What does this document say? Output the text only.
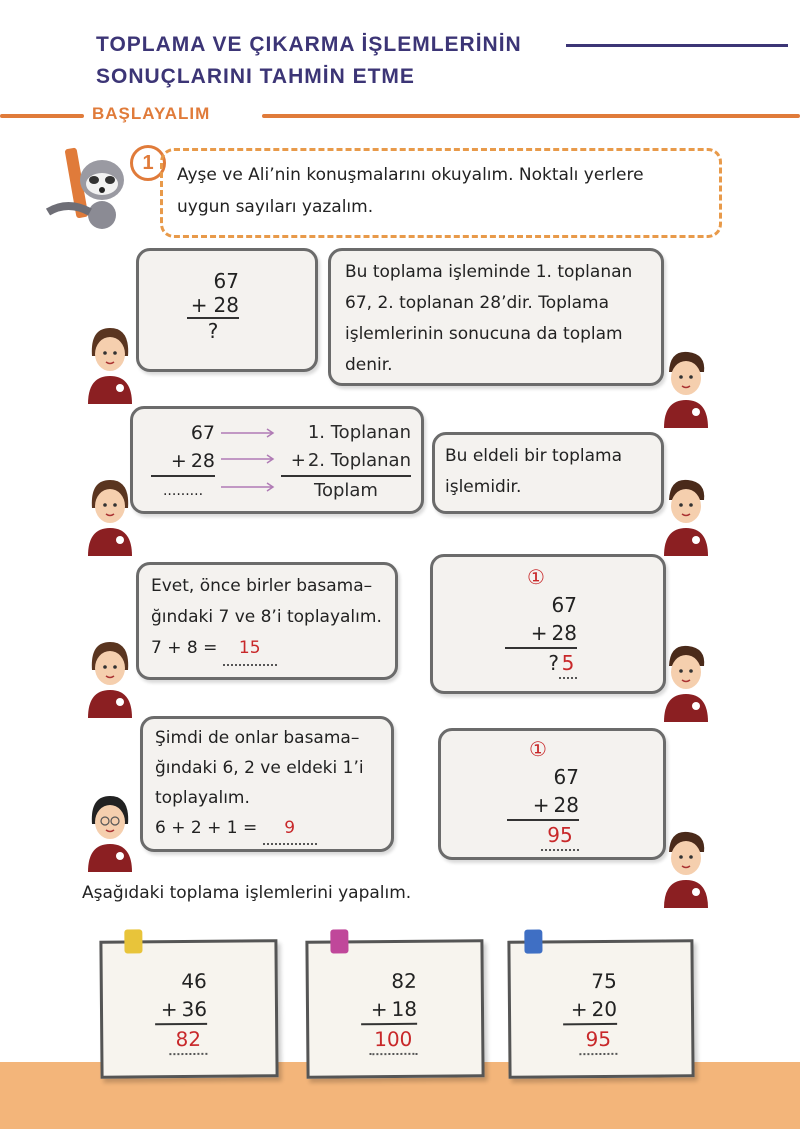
TOPLAMA VE ÇIKARMA İŞLEMLERİNİN
SONUÇLARINI TAHMİN ETME
BAŞLAYALIM
1
Ayşe ve Ali’nin konuşmalarını okuyalım. Noktalı yerlere uygun sayıları yazalım.
67
+ 28
?
Bu toplama işleminde 1. toplanan 67, 2. toplanan 28’dir. Toplama işlemlerinin sonucuna da toplam denir.
67
+ 28
.........
1. Toplanan
+ 2. Toplanan
Toplam
Bu eldeli bir toplama işlemidir.
Evet, önce birler basama–
ğındaki 7 ve 8’i toplayalım.
7 + 8 = 15
①
67
+ 28
? 5
Şimdi de onlar basama–
ğındaki 6, 2 ve eldeki 1’i
toplayalım.
6 + 2 + 1 = 9
①
67
+ 28
95
Aşağıdaki toplama işlemlerini yapalım.
46
+ 36
82
82
+ 18
100
75
+ 20
95
